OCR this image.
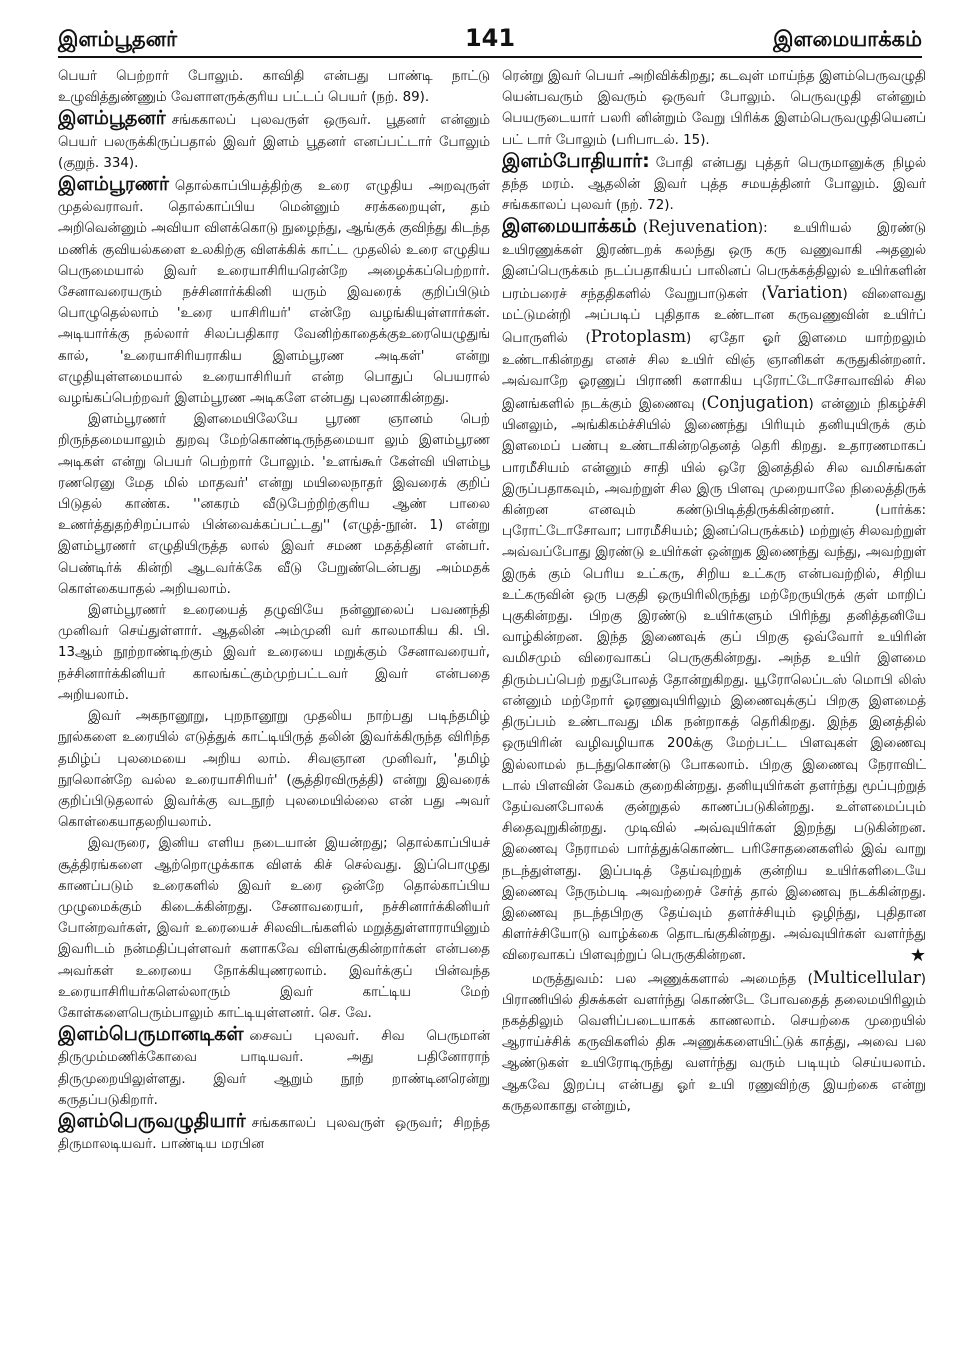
இளம்பூதனர்	141	இளமையாக்கம்

பெயர் பெற்றார் போலும். காவிதி என்பது பாண்டி நாட்டு உழுவித்துண்ணும் வேளாளருக்குரிய பட்டப் பெயர் (நற். 89).

இளம்பூதனர் சங்ககாலப் புலவருள் ஒருவர். பூதனர் என்னும் பெயர் பலருக்கிருப்பதால் இவர் இளம் பூதனர் எனப்பட்டார் போலும் (குறுந். 334).

இளம்பூரணர் தொல்காப்பியத்திற்கு உரை எழுதிய அறவுருள் முதல்வராவர். தொல்காப்பிய மென்னும் சரக்கறையுள், தம் அறிவென்னும் அவியா விளக்கொடு நுழைந்து, ஆங்குக் குவிந்து கிடந்த மணிக் குவியல்களை உலகிற்கு விளக்கிக் காட்ட முதலில் உரை எழுதிய பெருமையால் இவர் உரையாசிரியரென்றே அழைக்கப்பெற்றார். சேனாவரையரும் நச்சினார்க்கினி யரும் இவரைக் குறிப்பிடும் பொழுதெல்லாம் 'உரை யாசிரியர்' என்றே வழங்கியுள்ளார்கள். அடியார்க்கு நல்லார் சிலப்பதிகார வேனிற்காதைக்குஉரையெழுதுங் கால், 'உரையாசிரியராகிய இளம்பூரண அடிகள்' என்று எழுதியுள்ளமையால் உரையாசிரியர் என்ற பொதுப் பெயரால் வழங்கப்பெற்றவர் இளம்பூரண அடிகளே என்பது புலனாகின்றது.

இளம்பூரணர் இளமையிலேயே பூரண ஞானம் பெற் றிருந்தமையாலும் துறவு மேற்கொண்டிருந்தமையா லும் இளம்பூரண அடிகள் என்று பெயர் பெற்றார் போலும். 'உளங்கூர் கேள்வி யிளம்பூ ரணரெனு மேத மில் மாதவர்' என்று மயிலைநாதர் இவரைக் குறிப் பிடுதல் காண்க. ''னகரம் வீடுபேற்றிற்குரிய ஆண் பாலை உணர்த்துதற்சிறப்பால் பின்வைக்கப்பட்டது'' (எழுத்-நூன். 1) என்று இளம்பூரணர் எழுதியிருத்த லால் இவர் சமண மதத்தினர் என்பர். பெண்டிர்க் கின்றி ஆடவர்க்கே வீடு பேறுண்டென்பது அம்மதக் கொள்கையாதல் அறியலாம்.

இளம்பூரணர் உரையைத் தழுவியே நன்னூலைப் பவணந்தி முனிவர் செய்துள்ளார். ஆதலின் அம்முனி வர் காலமாகிய கி. பி. 13ஆம் நூற்றாண்டிற்கும் இவர் உரையை மறுக்கும் சேனாவரையர், நச்சினார்க்கினியர் காலங்கட்கும்முற்பட்டவர் இவர் என்பதை அறியலாம்.

இவர் அகநானூறு, புறநானூறு முதலிய நாற்பது படிந்தமிழ் நூல்களை உரையில் எடுத்துக் காட்டியிருத் தலின் இவர்க்கிருந்த விரிந்த தமிழ்ப் புலமையை அறிய லாம். சிவஞான முனிவர், 'தமிழ் நூலொன்றே வல்ல உரையாசிரியர்' (சூத்திரவிருத்தி) என்று இவரைக் குறிப்பிடுதலால் இவர்க்கு வடநூற் புலமையில்லை என் பது அவர் கொள்கையாதலறியலாம்.

இவருரை, இனிய எளிய நடையான் இயன்றது; தொல்காப்பியச் சூத்திரங்களை ஆற்றொழுக்காக விளக் கிச் செல்வது. இப்பொழுது காணப்படும் உரைகளில் இவர் உரை ஒன்றே தொல்காப்பிய முழுமைக்கும் கிடைக்கின்றது. சேனாவரையர், நச்சினார்க்கினியர் போன்றவர்கள், இவர் உரையைச் சிலவிடங்களில் மறுத்துள்ளாராயினும் இவரிடம் நன்மதிப்புள்ளவர் களாகவே விளங்குகின்றார்கள் என்பதை அவர்கள் உரையை நோக்கியுணரலாம். இவர்க்குப் பின்வந்த உரையாசிரியர்களெல்லாரும் இவர் காட்டிய மேற் கோள்களைபெரும்பாலும் காட்டியுள்ளனர். செ. வே.

இளம்பெருமானடிகள் சைவப் புலவர். சிவ பெருமான் திருமும்மணிக்கோவை பாடியவர். அது பதினோராந் திருமுறையிலுள்ளது. இவர் ஆறும் நூற் றாண்டினரென்று கருதப்படுகிறார்.

இளம்பெருவழுதியார் சங்ககாலப் புலவருள் ஒருவர்; சிறந்த திருமாலடியவர். பாண்டிய மரபின

ரென்று இவர் பெயர் அறிவிக்கிறது; கடவுள் மாய்ந்த இளம்பெருவழுதி யென்பவரும் இவரும் ஒருவர் போலும். பெருவழுதி என்னும் பெயருடையார் பலரி னின்றும் வேறு பிரிக்க இளம்பெருவழுதியெனப் பட் டார் போலும் (பரிபாடல். 15).

இளம்போதியார்: போதி என்பது புத்தர் பெருமானுக்கு நிழல் தந்த மரம். ஆதலின் இவர் புத்த சமயத்தினர் போலும். இவர் சங்ககாலப் புலவர் (நற். 72).

இளமையாக்கம் (Rejuvenation): உயிரியல் இரண்டு உயிரணுக்கள் இரண்டறக் கலந்து ஒரு கரு வணுவாகி அதனுல் இனப்பெருக்கம் நடப்பதாகியப் பாலினப் பெருக்கத்திலுல் உயிர்களின் பரம்பரைச் சந்ததிகளில் வேறுபாடுகள் (Variation) விளைவது மட்டுமன்றி அப்படிப் புதிதாக உண்டான கருவணுவின் உயிர்ப் பொருளில் (Protoplasm) ஏதோ ஓர் இளமை யாற்றலும் உண்டாகின்றது எனச் சில உயிர் விஞ் ஞானிகள் கருதுகின்றனர். அவ்வாறே ஓரணுப் பிராணி களாகிய புரோட்டோசோவாவில் சில இனங்களில் நடக்கும் இணைவு (Conjugation) என்னும் நிகழ்ச்சி யினலும், அங்கிகம்ச்சியில் இணைந்து பிரியும் தனியுயிருக் கும் இளமைப் பண்பு உண்டாகின்றதெனத் தெரி கிறது. உதாரணமாகப் பாரமீசியம் என்னும் சாதி யில் ஒரே இனத்தில் சில வமிசங்கள் இருப்பதாகவும், அவற்றுள் சில இரு பிளவு முறையாலே நிலைத்திருக் கின்றன எனவும் கண்டுபிடித்திருக்கின்றனர். (பார்க்க: புரோட்டோசோவா; பாரமீசியம்; இனப்பெருக்கம்) மற்றுஞ் சிலவற்றுள் அவ்வப்போது இரண்டு உயிர்கள் ஒன்றுக இணைந்து வந்து, அவற்றுள் இருக் கும் பெரிய உட்கரு, சிறிய உட்கரு என்பவற்றில், சிறிய உட்கருவின் ஒரு பகுதி ஒருயிரிலிருந்து மற்றேருயிருக் குள் மாறிப் புகுகின்றது. பிறகு இரண்டு உயிர்களும் பிரிந்து தனித்தனியே வாழ்கின்றன. இந்த இணைவுக் குப் பிறகு ஒவ்வோர் உயிரின் வமிசமும் விரைவாகப் பெருகுகின்றது. அந்த உயிர் இளமை திரும்பப்பெற் றதுபோலத் தோன்றுகிறது. யூரோலெப்டஸ் மொபி லிஸ் என்னும் மற்றோர் ஓரணுவுயிரிலும் இணைவுக்குப் பிறகு இளமைத் திருப்பம் உண்டாவது மிக நன்றாகத் தெரிகிறது. இந்த இனத்தில் ஒருயிரின் வழிவழியாக 200க்கு மேற்பட்ட பிளவுகள் இணைவு இல்லாமல் நடந்துகொண்டு போகலாம். பிறகு இணைவு நேராவிட் டால் பிளவின் வேகம் குறைகின்றது. தனியுயிர்கள் தளர்ந்து மூப்புற்றுத் தேய்வனபோலக் குன்றுதல் காணப்படுகின்றது. உள்ளமைப்பும் சிதைவுறுகின்றது. முடிவில் அவ்வுயிர்கள் இறந்து படுகின்றன. இணைவு நேராமல் பார்த்துக்கொண்ட பரிசோதனைகளில் இவ் வாறு நடந்துள்ளது. இப்படித் தேய்வுற்றுக் குன்றிய உயிர்களிடையே இணைவு நேரும்படி அவற்றைச் சேர்த் தால் இணைவு நடக்கின்றது. இணைவு நடந்தபிறகு தேய்வும் தளர்ச்சியும் ஒழிந்து, புதிதான கிளர்ச்சியோடு வாழ்க்கை தொடங்குகின்றது. அவ்வுயிர்கள் வளர்ந்து விரைவாகப் பிளவுற்றுப் பெருகுகின்றன.	★

மருத்துவம்: பல அணுக்களால் அமைந்த (Multicellular) பிராணியில் திசுக்கள் வளர்ந்து கொண்டே போவதைத் தலைமயிரிலும் நகத்திலும் வெளிப்படையாகக் காணலாம். செயற்கை முறையில் ஆராய்ச்சிக் கருவிகளில் திசு அணுக்களையிட்டுக் காத்து, அவை பல ஆண்டுகள் உயிரோடிருந்து வளர்ந்து வரும் படியும் செய்யலாம். ஆகவே இறப்பு என்பது ஓர் உயி ரணுவிற்கு இயற்கை என்று கருதலாகாது என்றும்,
